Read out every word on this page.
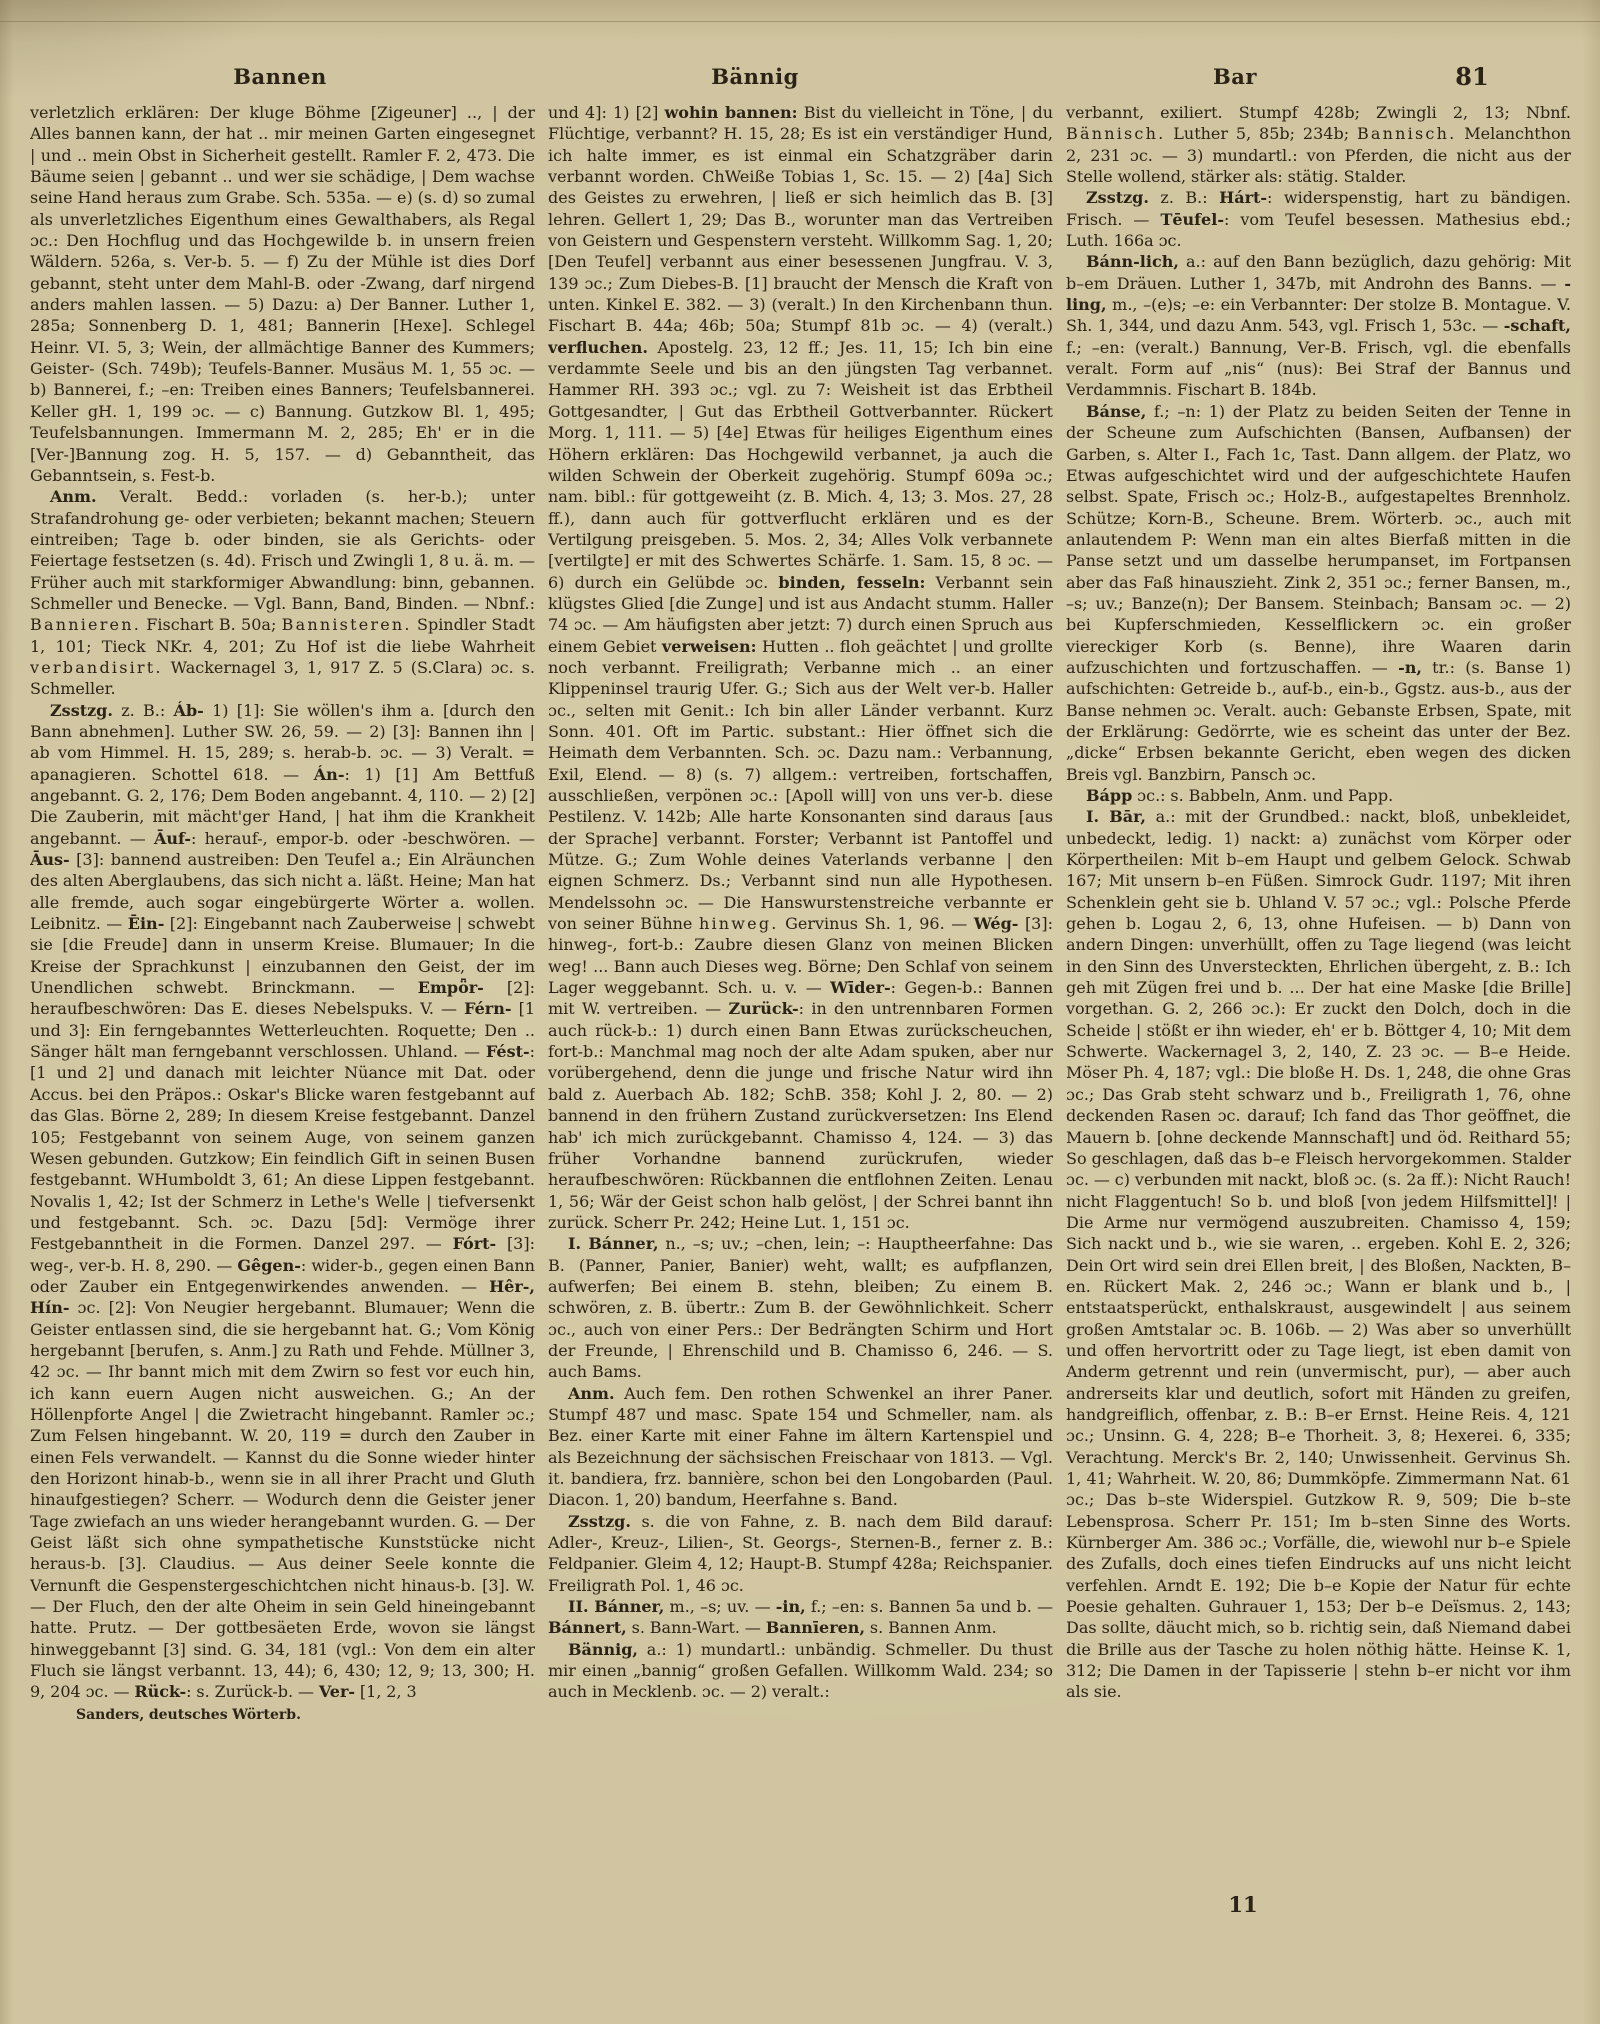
Bannen	Bännig	Bar	81

verletzlich erklären: Der kluge Böhme [Zigeuner] .., | der Alles bannen kann, der hat .. mir meinen Garten eingesegnet | und .. mein Obst in Sicherheit gestellt. Ramler F. 2, 473. Die Bäume seien | gebannt .. und wer sie schädige, | Dem wachse seine Hand heraus zum Grabe. Sch. 535a. — e) (s. d) so zumal als unverletzliches Eigenthum eines Gewalthabers, als Regal ɔc.: Den Hochflug und das Hochgewilde b. in unsern freien Wäldern. 526a, s. Ver-b. 5. — f) Zu der Mühle ist dies Dorf gebannt, steht unter dem Mahl-B. oder -Zwang, darf nirgend anders mahlen lassen. — 5) Dazu: a) Der Banner. Luther 1, 285a; Sonnenberg D. 1, 481; Bannerin [Hexe]. Schlegel Heinr. VI. 5, 3; Wein, der allmächtige Banner des Kummers; Geister- (Sch. 749b); Teufels-Banner. Musäus M. 1, 55 ɔc. — b) Bannerei, f.; –en: Treiben eines Banners; Teufelsbannerei. Keller gH. 1, 199 ɔc. — c) Bannung. Gutzkow Bl. 1, 495; Teufelsbannungen. Immermann M. 2, 285; Eh' er in die [Ver-]Bannung zog. H. 5, 157. — d) Gebanntheit, das Gebanntsein, s. Fest-b.

Anm. Veralt. Bedd.: vorladen (s. her-b.); unter Strafandrohung ge- oder verbieten; bekannt machen; Steuern eintreiben; Tage b. oder binden, sie als Gerichts- oder Feiertage festsetzen (s. 4d). Frisch und Zwingli 1, 8 u. ä. m. — Früher auch mit starkformiger Abwandlung: binn, gebannen. Schmeller und Benecke. — Vgl. Bann, Band, Binden. — Nbnf.: Bannieren. Fischart B. 50a; Bannisteren. Spindler Stadt 1, 101; Tieck NKr. 4, 201; Zu Hof ist die liebe Wahrheit verbandisirt. Wackernagel 3, 1, 917 Z. 5 (S.Clara) ɔc. s. Schmeller.

Zsstzg. z. B.: Áb- 1) [1]: Sie wöllen's ihm a. [durch den Bann abnehmen]. Luther SW. 26, 59. — 2) [3]: Bannen ihn | ab vom Himmel. H. 15, 289; s. herab-b. ɔc. — 3) Veralt. = apanagieren. Schottel 618. — Án-: 1) [1] Am Bettfuß angebannt. G. 2, 176; Dem Boden angebannt. 4, 110. — 2) [2] Die Zauberin, mit mächt'ger Hand, | hat ihm die Krankheit angebannt. — Āuf-: herauf-, empor-b. oder -beschwören. — Āus- [3]: bannend austreiben: Den Teufel a.; Ein Alräunchen des alten Aberglaubens, das sich nicht a. läßt. Heine; Man hat alle fremde, auch sogar eingebürgerte Wörter a. wollen. Leibnitz. — Ēin- [2]: Eingebannt nach Zauberweise | schwebt sie [die Freude] dann in unserm Kreise. Blumauer; In die Kreise der Sprachkunst | einzubannen den Geist, der im Unendlichen schwebt. Brinckmann. — Empȫr- [2]: heraufbeschwören: Das E. dieses Nebelspuks. V. — Férn- [1 und 3]: Ein ferngebanntes Wetterleuchten. Roquette; Den .. Sänger hält man ferngebannt verschlossen. Uhland. — Fést-: [1 und 2] und danach mit leichter Nüance mit Dat. oder Accus. bei den Präpos.: Oskar's Blicke waren festgebannt auf das Glas. Börne 2, 289; In diesem Kreise festgebannt. Danzel 105; Festgebannt von seinem Auge, von seinem ganzen Wesen gebunden. Gutzkow; Ein feindlich Gift in seinen Busen festgebannt. WHumboldt 3, 61; An diese Lippen festgebannt. Novalis 1, 42; Ist der Schmerz in Lethe's Welle | tiefversenkt und festgebannt. Sch. ɔc. Dazu [5d]: Vermöge ihrer Festgebanntheit in die Formen. Danzel 297. — Fórt- [3]: weg-, ver-b. H. 8, 290. — Gêgen-: wider-b., gegen einen Bann oder Zauber ein Entgegenwirkendes anwenden. — Hêr-, Hín- ɔc. [2]: Von Neugier hergebannt. Blumauer; Wenn die Geister entlassen sind, die sie hergebannt hat. G.; Vom König hergebannt [berufen, s. Anm.] zu Rath und Fehde. Müllner 3, 42 ɔc. — Ihr bannt mich mit dem Zwirn so fest vor euch hin, ich kann euern Augen nicht ausweichen. G.; An der Höllenpforte Angel | die Zwietracht hingebannt. Ramler ɔc.; Zum Felsen hingebannt. W. 20, 119 = durch den Zauber in einen Fels verwandelt. — Kannst du die Sonne wieder hinter den Horizont hinab-b., wenn sie in all ihrer Pracht und Gluth hinaufgestiegen? Scherr. — Wodurch denn die Geister jener Tage zwiefach an uns wieder herangebannt wurden. G. — Der Geist läßt sich ohne sympathetische Kunststücke nicht heraus-b. [3]. Claudius. — Aus deiner Seele konnte die Vernunft die Gespenstergeschichtchen nicht hinaus-b. [3]. W. — Der Fluch, den der alte Oheim in sein Geld hineingebannt hatte. Prutz. — Der gottbesäeten Erde, wovon sie längst hinweggebannt [3] sind. G. 34, 181 (vgl.: Von dem ein alter Fluch sie längst verbannt. 13, 44); 6, 430; 12, 9; 13, 300; H. 9, 204 ɔc. — Rück-: s. Zurück-b. — Ver- [1, 2, 3

Sanders, deutsches Wörterb.

und 4]: 1) [2] wohin bannen: Bist du vielleicht in Töne, | du Flüchtige, verbannt? H. 15, 28; Es ist ein verständiger Hund, ich halte immer, es ist einmal ein Schatzgräber darin verbannt worden. ChWeiße Tobias 1, Sc. 15. — 2) [4a] Sich des Geistes zu erwehren, | ließ er sich heimlich das B. [3] lehren. Gellert 1, 29; Das B., worunter man das Vertreiben von Geistern und Gespenstern versteht. Willkomm Sag. 1, 20; [Den Teufel] verbannt aus einer besessenen Jungfrau. V. 3, 139 ɔc.; Zum Diebes-B. [1] braucht der Mensch die Kraft von unten. Kinkel E. 382. — 3) (veralt.) In den Kirchenbann thun. Fischart B. 44a; 46b; 50a; Stumpf 81b ɔc. — 4) (veralt.) verfluchen. Apostelg. 23, 12 ff.; Jes. 11, 15; Ich bin eine verdammte Seele und bis an den jüngsten Tag verbannet. Hammer RH. 393 ɔc.; vgl. zu 7: Weisheit ist das Erbtheil Gottgesandter, | Gut das Erbtheil Gottverbannter. Rückert Morg. 1, 111. — 5) [4e] Etwas für heiliges Eigenthum eines Höhern erklären: Das Hochgewild verbannet, ja auch die wilden Schwein der Oberkeit zugehörig. Stumpf 609a ɔc.; nam. bibl.: für gottgeweiht (z. B. Mich. 4, 13; 3. Mos. 27, 28 ff.), dann auch für gottverflucht erklären und es der Vertilgung preisgeben. 5. Mos. 2, 34; Alles Volk verbannete [vertilgte] er mit des Schwertes Schärfe. 1. Sam. 15, 8 ɔc. — 6) durch ein Gelübde ɔc. binden, fesseln: Verbannt sein klügstes Glied [die Zunge] und ist aus Andacht stumm. Haller 74 ɔc. — Am häufigsten aber jetzt: 7) durch einen Spruch aus einem Gebiet verweisen: Hutten .. floh geächtet | und grollte noch verbannt. Freiligrath; Verbanne mich .. an einer Klippeninsel traurig Ufer. G.; Sich aus der Welt ver-b. Haller ɔc., selten mit Genit.: Ich bin aller Länder verbannt. Kurz Sonn. 401. Oft im Partic. substant.: Hier öffnet sich die Heimath dem Verbannten. Sch. ɔc. Dazu nam.: Verbannung, Exil, Elend. — 8) (s. 7) allgem.: vertreiben, fortschaffen, ausschließen, verpönen ɔc.: [Apoll will] von uns ver-b. diese Pestilenz. V. 142b; Alle harte Konsonanten sind daraus [aus der Sprache] verbannt. Forster; Verbannt ist Pantoffel und Mütze. G.; Zum Wohle deines Vaterlands verbanne | den eignen Schmerz. Ds.; Verbannt sind nun alle Hypothesen. Mendelssohn ɔc. — Die Hanswurstenstreiche verbannte er von seiner Bühne hinweg. Gervinus Sh. 1, 96. — Wég- [3]: hinweg-, fort-b.: Zaubre diesen Glanz von meinen Blicken weg! ... Bann auch Dieses weg. Börne; Den Schlaf von seinem Lager weggebannt. Sch. u. v. — Wīder-: Gegen-b.: Bannen mit W. vertreiben. — Zurück-: in den untrennbaren Formen auch rück-b.: 1) durch einen Bann Etwas zurückscheuchen, fort-b.: Manchmal mag noch der alte Adam spuken, aber nur vorübergehend, denn die junge und frische Natur wird ihn bald z. Auerbach Ab. 182; SchB. 358; Kohl J. 2, 80. — 2) bannend in den frühern Zustand zurückversetzen: Ins Elend hab' ich mich zurückgebannt. Chamisso 4, 124. — 3) das früher Vorhandne bannend zurückrufen, wieder heraufbeschwören: Rückbannen die entflohnen Zeiten. Lenau 1, 56; Wär der Geist schon halb gelöst, | der Schrei bannt ihn zurück. Scherr Pr. 242; Heine Lut. 1, 151 ɔc.

I. Bánner, n., –s; uv.; –chen, lein; –: Hauptheerfahne: Das B. (Panner, Panier, Banier) weht, wallt; es aufpflanzen, aufwerfen; Bei einem B. stehn, bleiben; Zu einem B. schwören, z. B. übertr.: Zum B. der Gewöhnlichkeit. Scherr ɔc., auch von einer Pers.: Der Bedrängten Schirm und Hort der Freunde, | Ehrenschild und B. Chamisso 6, 246. — S. auch Bams.

Anm. Auch fem. Den rothen Schwenkel an ihrer Paner. Stumpf 487 und masc. Spate 154 und Schmeller, nam. als Bez. einer Karte mit einer Fahne im ältern Kartenspiel und als Bezeichnung der sächsischen Freischaar von 1813. — Vgl. it. bandiera, frz. bannière, schon bei den Longobarden (Paul. Diacon. 1, 20) bandum, Heerfahne s. Band.

Zsstzg. s. die von Fahne, z. B. nach dem Bild darauf: Adler-, Kreuz-, Lilien-, St. Georgs-, Sternen-B., ferner z. B.: Feldpanier. Gleim 4, 12; Haupt-B. Stumpf 428a; Reichspanier. Freiligrath Pol. 1, 46 ɔc.

II. Bánner, m., –s; uv. — -in, f.; –en: s. Bannen 5a und b. — Bánnert, s. Bann-Wart. — Bannīeren, s. Bannen Anm.

Bännig, a.: 1) mundartl.: unbändig. Schmeller. Du thust mir einen „bannig“ großen Gefallen. Willkomm Wald. 234; so auch in Mecklenb. ɔc. — 2) veralt.:

verbannt, exiliert. Stumpf 428b; Zwingli 2, 13; Nbnf. Bännisch. Luther 5, 85b; 234b; Bannisch. Melanchthon 2, 231 ɔc. — 3) mundartl.: von Pferden, die nicht aus der Stelle wollend, stärker als: stätig. Stalder.

Zsstzg. z. B.: Hárt-: widerspenstig, hart zu bändigen. Frisch. — Tēufel-: vom Teufel besessen. Mathesius ebd.; Luth. 166a ɔc.

Bánn-lich, a.: auf den Bann bezüglich, dazu gehörig: Mit b–em Dräuen. Luther 1, 347b, mit Androhn des Banns. — -ling, m., –(e)s; –e: ein Verbannter: Der stolze B. Montague. V. Sh. 1, 344, und dazu Anm. 543, vgl. Frisch 1, 53c. — -schaft, f.; –en: (veralt.) Bannung, Ver-B. Frisch, vgl. die ebenfalls veralt. Form auf „nis“ (nus): Bei Straf der Bannus und Verdammnis. Fischart B. 184b.

Bánse, f.; –n: 1) der Platz zu beiden Seiten der Tenne in der Scheune zum Aufschichten (Bansen, Aufbansen) der Garben, s. Alter I., Fach 1c, Tast. Dann allgem. der Platz, wo Etwas aufgeschichtet wird und der aufgeschichtete Haufen selbst. Spate, Frisch ɔc.; Holz-B., aufgestapeltes Brennholz. Schütze; Korn-B., Scheune. Brem. Wörterb. ɔc., auch mit anlautendem P: Wenn man ein altes Bierfaß mitten in die Panse setzt und um dasselbe herumpanset, im Fortpansen aber das Faß hinauszieht. Zink 2, 351 ɔc.; ferner Bansen, m., –s; uv.; Banze(n); Der Bansem. Steinbach; Bansam ɔc. — 2) bei Kupferschmieden, Kesselflickern ɔc. ein großer viereckiger Korb (s. Benne), ihre Waaren darin aufzuschichten und fortzuschaffen. — -n, tr.: (s. Banse 1) aufschichten: Getreide b., auf-b., ein-b., Ggstz. aus-b., aus der Banse nehmen ɔc. Veralt. auch: Gebanste Erbsen, Spate, mit der Erklärung: Gedörrte, wie es scheint das unter der Bez. „dicke“ Erbsen bekannte Gericht, eben wegen des dicken Breis vgl. Banzbirn, Pansch ɔc.

Bápp ɔc.: s. Babbeln, Anm. und Papp.

I. Bār, a.: mit der Grundbed.: nackt, bloß, unbekleidet, unbedeckt, ledig. 1) nackt: a) zunächst vom Körper oder Körpertheilen: Mit b–em Haupt und gelbem Gelock. Schwab 167; Mit unsern b–en Füßen. Simrock Gudr. 1197; Mit ihren Schenklein geht sie b. Uhland V. 57 ɔc.; vgl.: Polsche Pferde gehen b. Logau 2, 6, 13, ohne Hufeisen. — b) Dann von andern Dingen: unverhüllt, offen zu Tage liegend (was leicht in den Sinn des Unversteckten, Ehrlichen übergeht, z. B.: Ich geh mit Zügen frei und b. ... Der hat eine Maske [die Brille] vorgethan. G. 2, 266 ɔc.): Er zuckt den Dolch, doch in die Scheide | stößt er ihn wieder, eh' er b. Böttger 4, 10; Mit dem Schwerte. Wackernagel 3, 2, 140, Z. 23 ɔc. — B–e Heide. Möser Ph. 4, 187; vgl.: Die bloße H. Ds. 1, 248, die ohne Gras ɔc.; Das Grab steht schwarz und b., Freiligrath 1, 76, ohne deckenden Rasen ɔc. darauf; Ich fand das Thor geöffnet, die Mauern b. [ohne deckende Mannschaft] und öd. Reithard 55; So geschlagen, daß das b–e Fleisch hervorgekommen. Stalder ɔc. — c) verbunden mit nackt, bloß ɔc. (s. 2a ff.): Nicht Rauch! nicht Flaggentuch! So b. und bloß [von jedem Hilfsmittel]! | Die Arme nur vermögend auszubreiten. Chamisso 4, 159; Sich nackt und b., wie sie waren, .. ergeben. Kohl E. 2, 326; Dein Ort wird sein drei Ellen breit, | des Bloßen, Nackten, B–en. Rückert Mak. 2, 246 ɔc.; Wann er blank und b., | entstaatsperückt, enthalskraust, ausgewindelt | aus seinem großen Amtstalar ɔc. B. 106b. — 2) Was aber so unverhüllt und offen hervortritt oder zu Tage liegt, ist eben damit von Anderm getrennt und rein (unvermischt, pur), — aber auch andrerseits klar und deutlich, sofort mit Händen zu greifen, handgreiflich, offenbar, z. B.: B–er Ernst. Heine Reis. 4, 121 ɔc.; Unsinn. G. 4, 228; B–e Thorheit. 3, 8; Hexerei. 6, 335; Verachtung. Merck's Br. 2, 140; Unwissenheit. Gervinus Sh. 1, 41; Wahrheit. W. 20, 86; Dummköpfe. Zimmermann Nat. 61 ɔc.; Das b–ste Widerspiel. Gutzkow R. 9, 509; Die b–ste Lebensprosa. Scherr Pr. 151; Im b–sten Sinne des Worts. Kürnberger Am. 386 ɔc.; Vorfälle, die, wiewohl nur b–e Spiele des Zufalls, doch eines tiefen Eindrucks auf uns nicht leicht verfehlen. Arndt E. 192; Die b–e Kopie der Natur für echte Poesie gehalten. Guhrauer 1, 153; Der b–e Deïsmus. 2, 143; Das sollte, däucht mich, so b. richtig sein, daß Niemand dabei die Brille aus der Tasche zu holen nöthig hätte. Heinse K. 1, 312; Die Damen in der Tapisserie | stehn b–er nicht vor ihm als sie.

11
